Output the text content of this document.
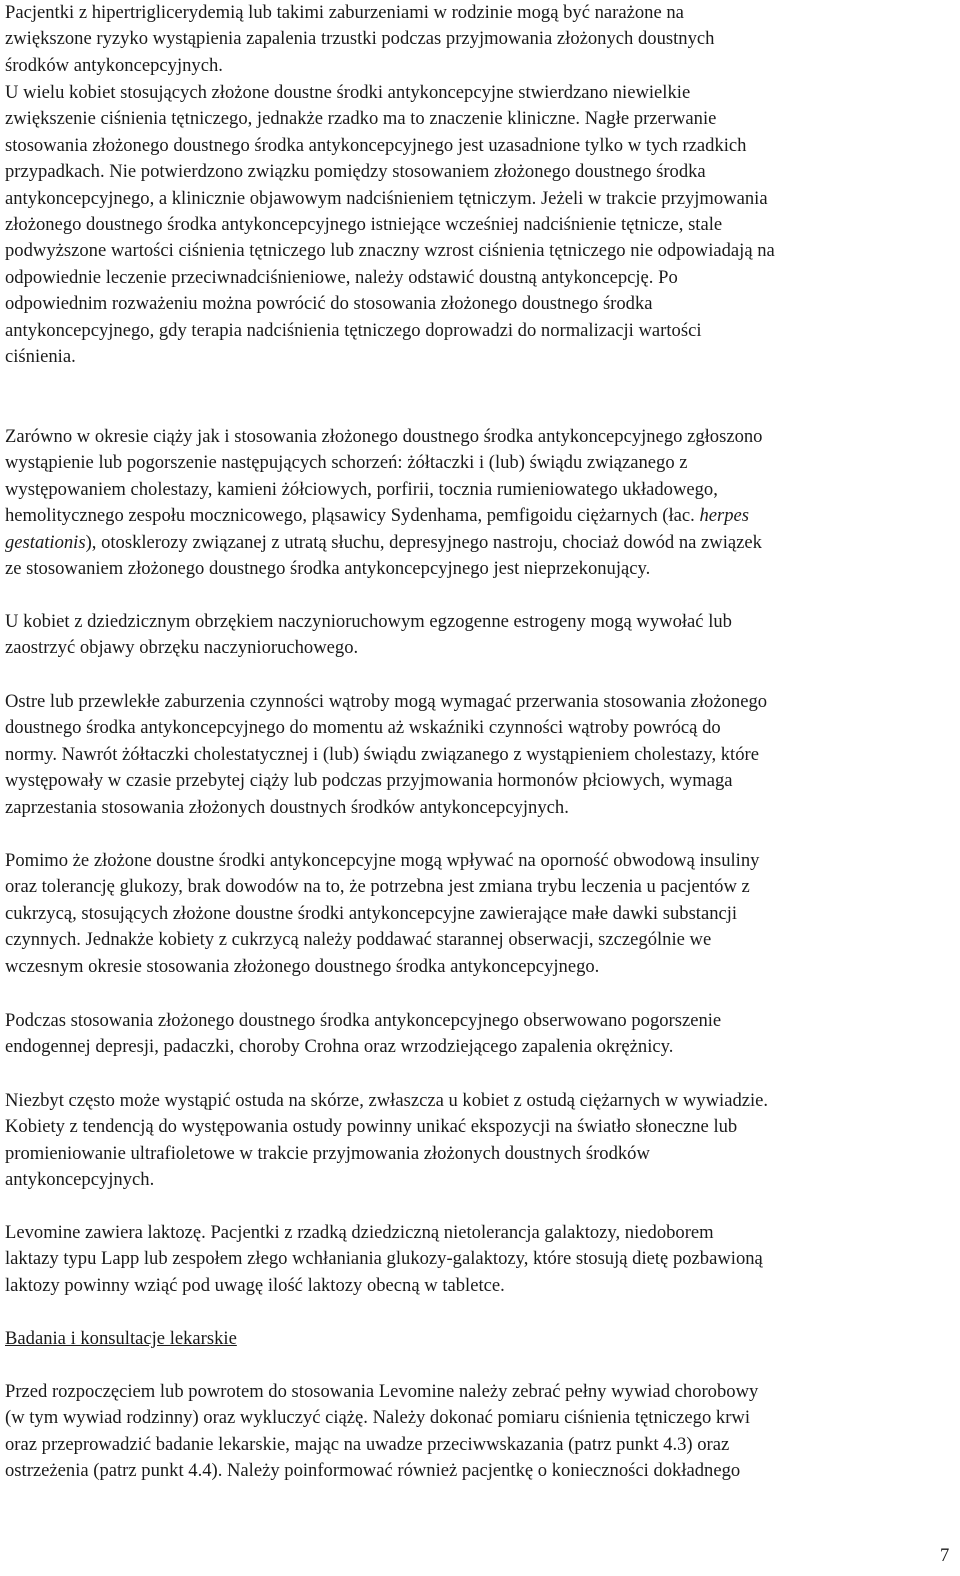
Pacjentki z hipertriglicerydemią lub takimi zaburzeniami w rodzinie mogą być narażone na
zwiększone ryzyko wystąpienia zapalenia trzustki podczas przyjmowania złożonych doustnych
środków antykoncepcyjnych.

U wielu kobiet stosujących złożone doustne środki antykoncepcyjne stwierdzano niewielkie
zwiększenie ciśnienia tętniczego, jednakże rzadko ma to znaczenie kliniczne. Nagłe przerwanie
stosowania złożonego doustnego środka antykoncepcyjnego jest uzasadnione tylko w tych rzadkich
przypadkach. Nie potwierdzono związku pomiędzy stosowaniem złożonego doustnego środka
antykoncepcyjnego, a klinicznie objawowym nadciśnieniem tętniczym. Jeżeli w trakcie przyjmowania
złożonego doustnego środka antykoncepcyjnego istniejące wcześniej nadciśnienie tętnicze, stale
podwyższone wartości ciśnienia tętniczego lub znaczny wzrost ciśnienia tętniczego nie odpowiadają na
odpowiednie leczenie przeciwnadciśnieniowe, należy odstawić doustną antykoncepcję. Po
odpowiednim rozważeniu można powrócić do stosowania złożonego doustnego środka
antykoncepcyjnego, gdy terapia nadciśnienia tętniczego doprowadzi do normalizacji wartości
ciśnienia.

Zarówno w okresie ciąży jak i stosowania złożonego doustnego środka antykoncepcyjnego zgłoszono
wystąpienie lub pogorszenie następujących schorzeń: żółtaczki i (lub) świądu związanego z
występowaniem cholestazy, kamieni żółciowych, porfirii, tocznia rumieniowatego układowego,
hemolitycznego zespołu mocznicowego, pląsawicy Sydenhama, pemfigoidu ciężarnych (łac. herpes
gestationis), otosklerozy związanej z utratą słuchu, depresyjnego nastroju, chociaż dowód na związek
ze stosowaniem złożonego doustnego środka antykoncepcyjnego jest nieprzekonujący.

U kobiet z dziedzicznym obrzękiem naczynioruchowym egzogenne estrogeny mogą wywołać lub
zaostrzyć objawy obrzęku naczynioruchowego.

Ostre lub przewlekłe zaburzenia czynności wątroby mogą wymagać przerwania stosowania złożonego
doustnego środka antykoncepcyjnego do momentu aż wskaźniki czynności wątroby powrócą do
normy. Nawrót żółtaczki cholestatycznej i (lub) świądu związanego z wystąpieniem cholestazy, które
występowały w czasie przebytej ciąży lub podczas przyjmowania hormonów płciowych, wymaga
zaprzestania stosowania złożonych doustnych środków antykoncepcyjnych.

Pomimo że złożone doustne środki antykoncepcyjne mogą wpływać na oporność obwodową insuliny
oraz tolerancję glukozy, brak dowodów na to, że potrzebna jest zmiana trybu leczenia u pacjentów z
cukrzycą, stosujących złożone doustne środki antykoncepcyjne zawierające małe dawki substancji
czynnych. Jednakże kobiety z cukrzycą należy poddawać starannej obserwacji, szczególnie we
wczesnym okresie stosowania złożonego doustnego środka antykoncepcyjnego.

Podczas stosowania złożonego doustnego środka antykoncepcyjnego obserwowano pogorszenie
endogennej depresji, padaczki, choroby Crohna oraz wrzodziejącego zapalenia okrężnicy.

Niezbyt często może wystąpić ostuda na skórze, zwłaszcza u kobiet z ostudą ciężarnych w wywiadzie.
Kobiety z tendencją do występowania ostudy powinny unikać ekspozycji na światło słoneczne lub
promieniowanie ultrafioletowe w trakcie przyjmowania złożonych doustnych środków
antykoncepcyjnych.

Levomine zawiera laktozę. Pacjentki z rzadką dziedziczną nietolerancja galaktozy, niedoborem
laktazy typu Lapp lub zespołem złego wchłaniania glukozy-galaktozy, które stosują dietę pozbawioną
laktozy powinny wziąć pod uwagę ilość laktozy obecną w tabletce.

Badania i konsultacje lekarskie

Przed rozpoczęciem lub powrotem do stosowania Levomine należy zebrać pełny wywiad chorobowy
(w tym wywiad rodzinny) oraz wykluczyć ciążę. Należy dokonać pomiaru ciśnienia tętniczego krwi
oraz przeprowadzić badanie lekarskie, mając na uwadze przeciwwskazania (patrz punkt 4.3) oraz
ostrzeżenia (patrz punkt 4.4). Należy poinformować również pacjentkę o konieczności dokładnego

7
